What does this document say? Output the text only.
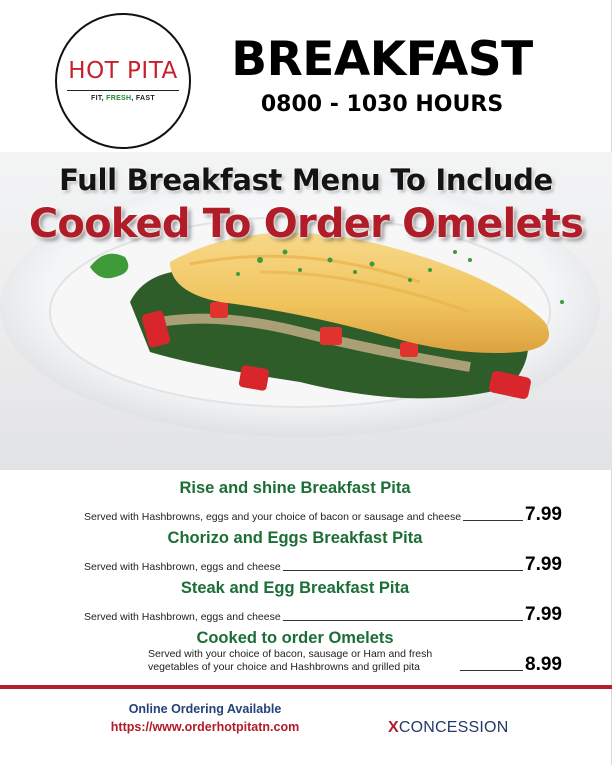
HOT PITA
FIT, FRESH, FAST
BREAKFAST
0800 - 1030 HOURS
Full Breakfast Menu To Include
Cooked To Order Omelets
Rise and shine Breakfast Pita
Served with Hashbrowns, eggs and your choice of bacon or sausage and cheese	7.99
Chorizo and Eggs Breakfast Pita
Served with Hashbrown, eggs and cheese	7.99
Steak and Egg Breakfast Pita
Served with Hashbrown, eggs and cheese	7.99
Cooked to order Omelets
Served with your choice of bacon, sausage or Ham and fresh vegetables of your choice and Hashbrowns and grilled pita	8.99
Online Ordering Available
https://www.orderhotpitatn.com	XCONCESSION
